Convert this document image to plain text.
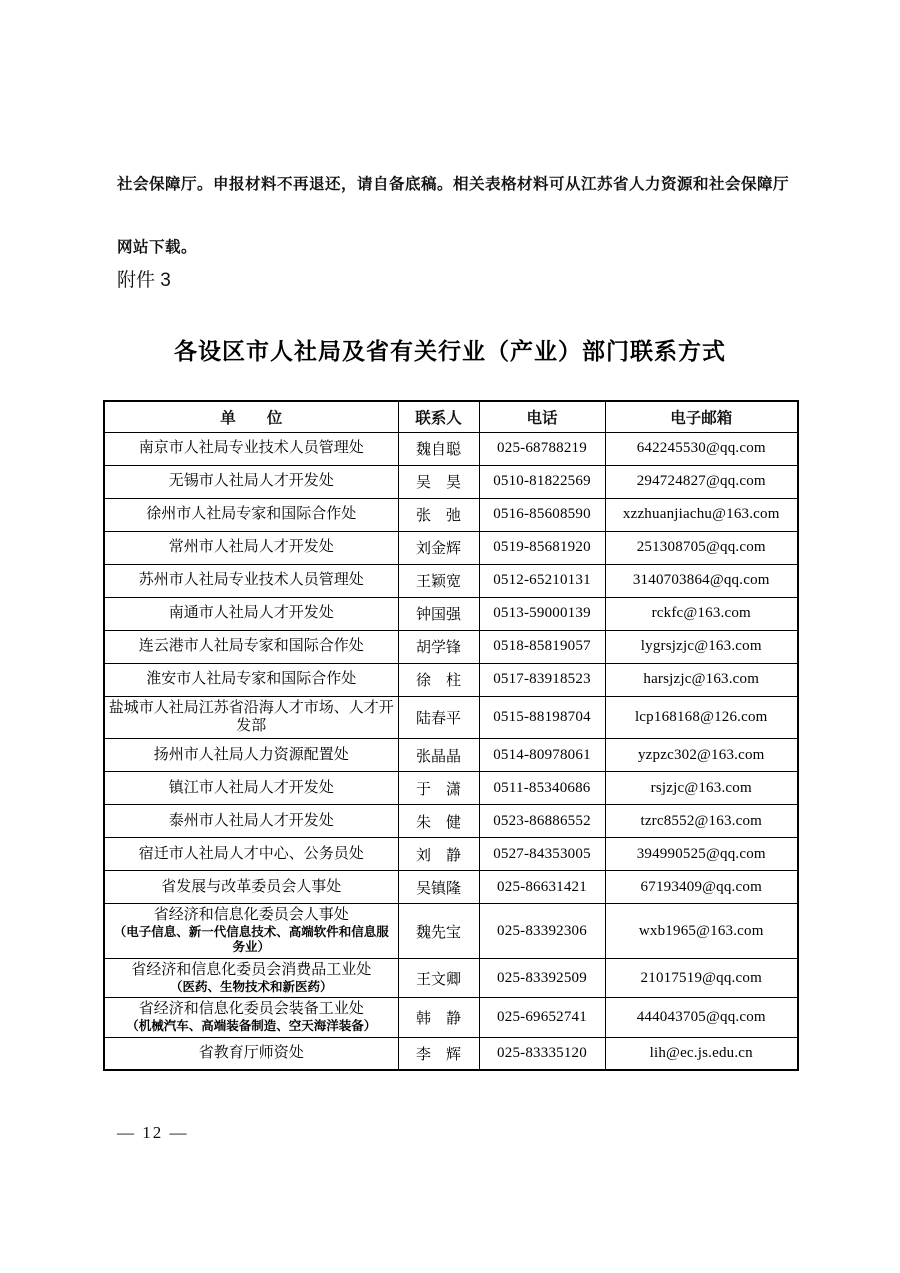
社会保障厅。申报材料不再退还，请自备底稿。相关表格材料可从江苏省人力资源和社会保障厅
网站下载。
附件 3
各设区市人社局及省有关行业（产业）部门联系方式
单　　位	联系人	电话	电子邮箱

南京市人社局专业技术人员管理处	魏自聪	025-68788219	642245530@qq.com

无锡市人社局人才开发处	吴　昊	0510-81822569	294724827@qq.com

徐州市人社局专家和国际合作处	张　弛	0516-85608590	xzzhuanjiachu@163.com

常州市人社局人才开发处	刘金辉	0519-85681920	251308705@qq.com

苏州市人社局专业技术人员管理处	王颖宽	0512-65210131	3140703864@qq.com

南通市人社局人才开发处	钟国强	0513-59000139	rckfc@163.com

连云港市人社局专家和国际合作处	胡学锋	0518-85819057	lygrsjzjc@163.com

淮安市人社局专家和国际合作处	徐　柱	0517-83918523	harsjzjc@163.com

盐城市人社局江苏省沿海人才市场、人才开发部	陆春平	0515-88198704	lcp168168@126.com

扬州市人社局人力资源配置处	张晶晶	0514-80978061	yzpzc302@163.com

镇江市人社局人才开发处	于　潇	0511-85340686	rsjzjc@163.com

泰州市人社局人才开发处	朱　健	0523-86886552	tzrc8552@163.com

宿迁市人社局人才中心、公务员处	刘　静	0527-84353005	394990525@qq.com

省发展与改革委员会人事处	吴镇隆	025-86631421	67193409@qq.com

省经济和信息化委员会人事处
（电子信息、新一代信息技术、高端软件和信息服务业）	魏先宝	025-83392306	wxb1965@163.com

省经济和信息化委员会消费品工业处
（医药、生物技术和新医药）	王文卿	025-83392509	21017519@qq.com

省经济和信息化委员会装备工业处
（机械汽车、高端装备制造、空天海洋装备）	韩　静	025-69652741	444043705@qq.com

省教育厅师资处	李　辉	025-83335120	lih@ec.js.edu.cn
— 12 —
